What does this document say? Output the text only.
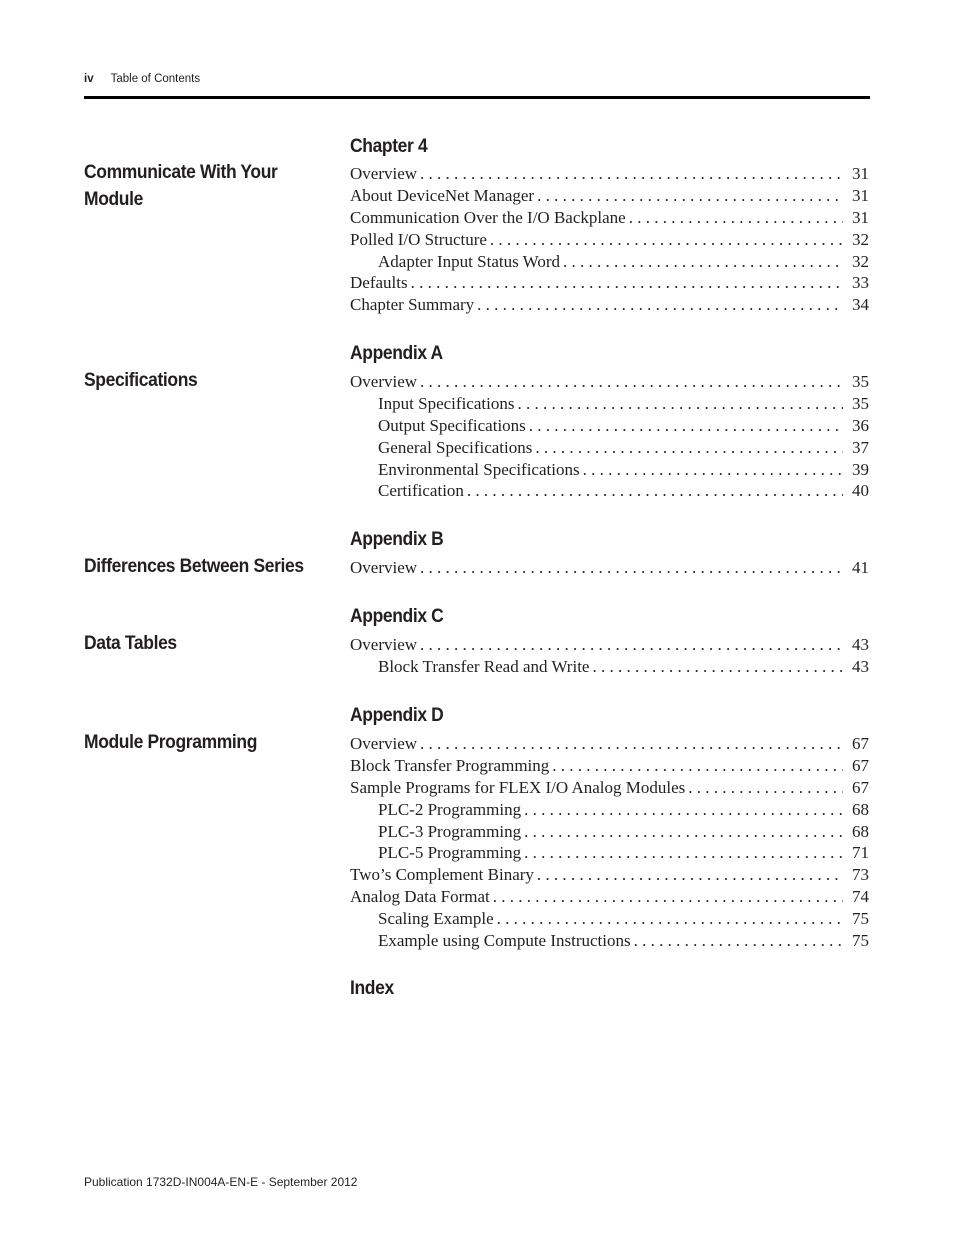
iv Table of Contents
Chapter 4
Communicate With Your Module
Overview . . .	31
About DeviceNet Manager . . .	31
Communication Over the I/O Backplane . . .	31
Polled I/O Structure . . .	32
Adapter Input Status Word . . .	32
Defaults . . .	33
Chapter Summary . . .	34
Appendix A
Specifications	Overview . . .	35
Input Specifications . . .	35
Output Specifications . . .	36
General Specifications . . .	37
Environmental Specifications . . .	39
Certification . . .	40
Appendix B
Differences Between Series	Overview . . .	41
Appendix C
Data Tables	Overview . . .	43
Block Transfer Read and Write . . .	43
Appendix D
Module Programming	Overview . . .	67
Block Transfer Programming . . .	67
Sample Programs for FLEX I/O Analog Modules . . .	67
PLC-2 Programming . . .	68
PLC-3 Programming . . .	68
PLC-5 Programming . . .	71
Two’s Complement Binary . . .	73
Analog Data Format . . .	74
Scaling Example . . .	75
Example using Compute Instructions . . .	75
Index
Publication 1732D-IN004A-EN-E - September 2012
